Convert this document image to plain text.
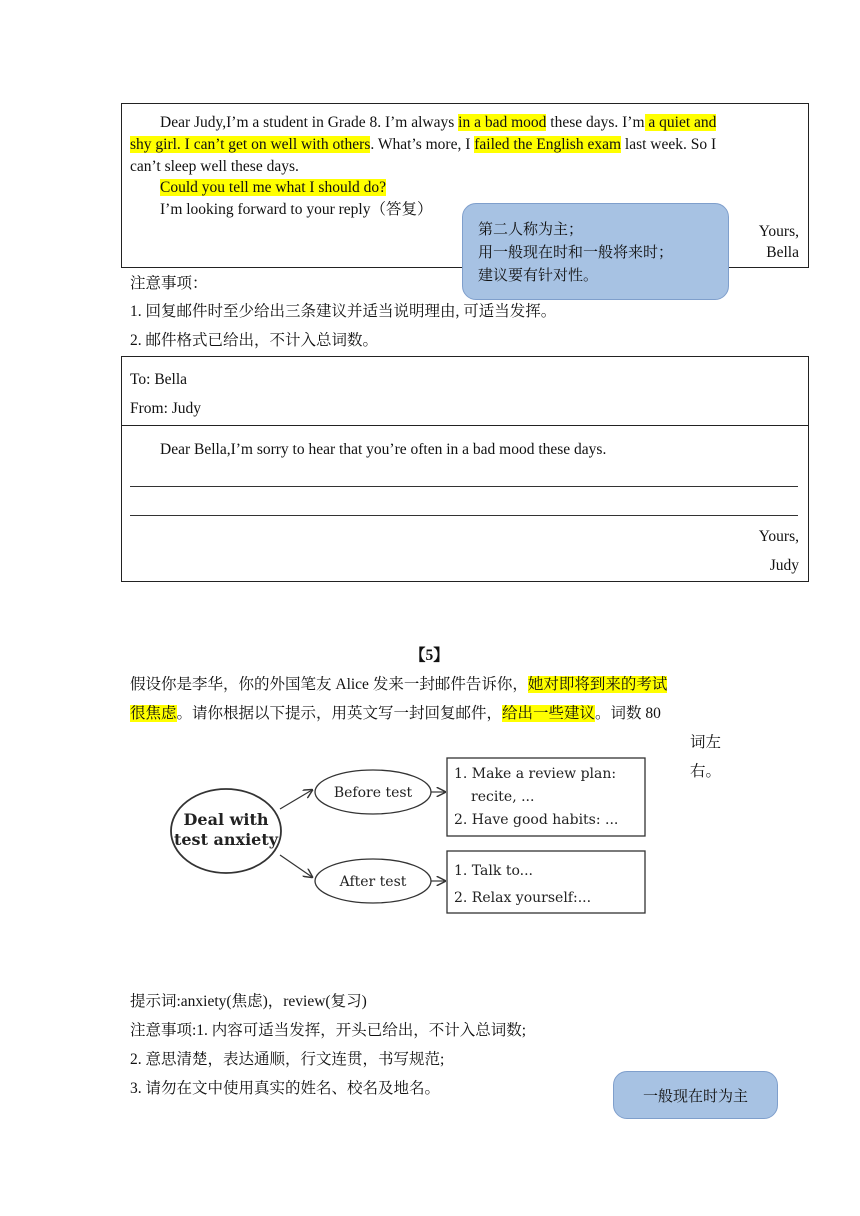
Dear Judy,I’m a student in Grade 8. I’m always in a bad mood these days. I’m a quiet and
shy girl. I can’t get on well with others. What’s more, I failed the English exam last week. So I
can’t sleep well these days.
Could you tell me what I should do?
I’m looking forward to your reply（答复）
Yours,
Bella
第二人称为主；
用一般现在时和一般将来时；
建议要有针对性。
注意事项：
1. 回复邮件时至少给出三条建议并适当说明理由, 可适当发挥。
2. 邮件格式已给出，不计入总词数。
To: Bella
From: Judy
Dear Bella,I’m sorry to hear that you’re often in a bad mood these days.
Yours,
Judy
【5】
假设你是李华，你的外国笔友 Alice 发来一封邮件告诉你，她对即将到来的考试
很焦虑。请你根据以下提示，用英文写一封回复邮件，给出一些建议。词数 80
词左
右。
Deal with
test anxiety
Before test
After test
1. Make a review plan:
recite, ...
2. Have good habits: ...
1. Talk to...
2. Relax yourself:...
提示词:anxiety(焦虑)，review(复习)
注意事项:1. 内容可适当发挥，开头已给出，不计入总词数;
2. 意思清楚，表达通顺，行文连贯，书写规范;
3. 请勿在文中使用真实的姓名、校名及地名。	一般现在时为主
